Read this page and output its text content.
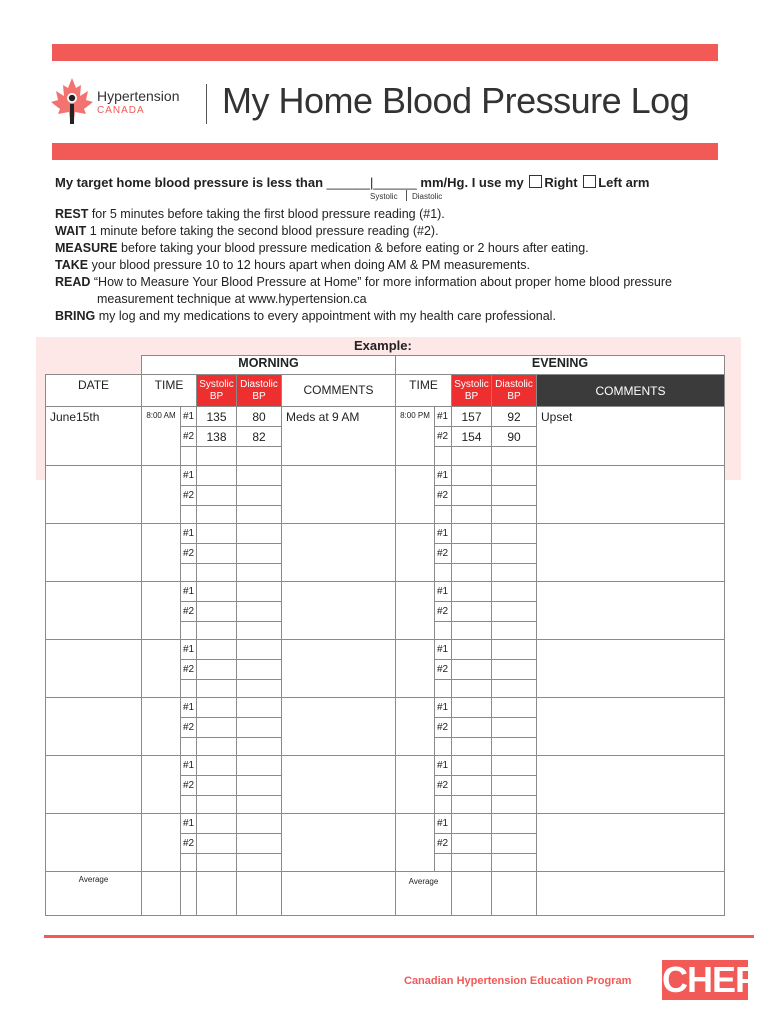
Hypertension
CANADA My Home Blood Pressure Log
My target home blood pressure is less than ______|______ mm/Hg. I use my Right Left arm
Systolic Diastolic
REST for 5 minutes before taking the first blood pressure reading (#1).
WAIT 1 minute before taking the second blood pressure reading (#2).
MEASURE before taking your blood pressure medication & before eating or 2 hours after eating.
TAKE your blood pressure 10 to 12 hours apart when doing AM & PM measurements.
READ “How to Measure Your Blood Pressure at Home” for more information about proper home blood pressure
measurement technique at www.hypertension.ca
BRING my log and my medications to every appointment with my health care professional.
Example:
	MORNING					EVENING				
DATE	TIME		Systolic BP	Diastolic BP	COMMENTS	TIME		Systolic BP	Diastolic BP	COMMENTS
June15th	8:00 AM	#1	135	80	Meds at 9 AM	8:00 PM	#1	157	92	Upset
		#2	138	82			#2	154	90	

		#1					#1			
		#2					#2			

		#1					#1			
		#2					#2			

		#1					#1			
		#2					#2			

		#1					#1			
		#2					#2			

		#1					#1			
		#2					#2			

		#1					#1			
		#2					#2			

		#1					#1			
		#2					#2			

Average						Average				
Canadian Hypertension Education Program CHEP
